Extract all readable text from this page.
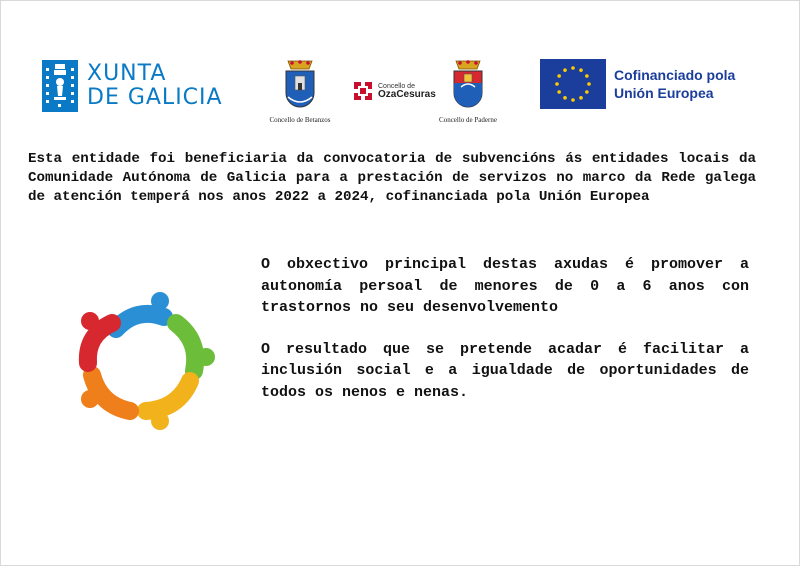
XUNTA
DE GALICIA
Concello de Betanzos
Concello de
OzaCesuras
Concello de Paderne
Cofinanciado pola
Unión Europea
Esta entidade foi beneficiaria da convocatoria de subvencións ás entidades locais da Comunidade Autónoma de Galicia para a prestación de servizos no marco da Rede galega de atención temperá nos anos 2022 a 2024, cofinanciada pola Unión Europea

O obxectivo principal destas axudas é promover a autonomía persoal de menores de 0 a 6 anos con trastornos no seu desenvolvemento

O resultado que se pretende acadar é facilitar a inclusión social e a igualdade de oportunidades de todos os nenos e nenas.
